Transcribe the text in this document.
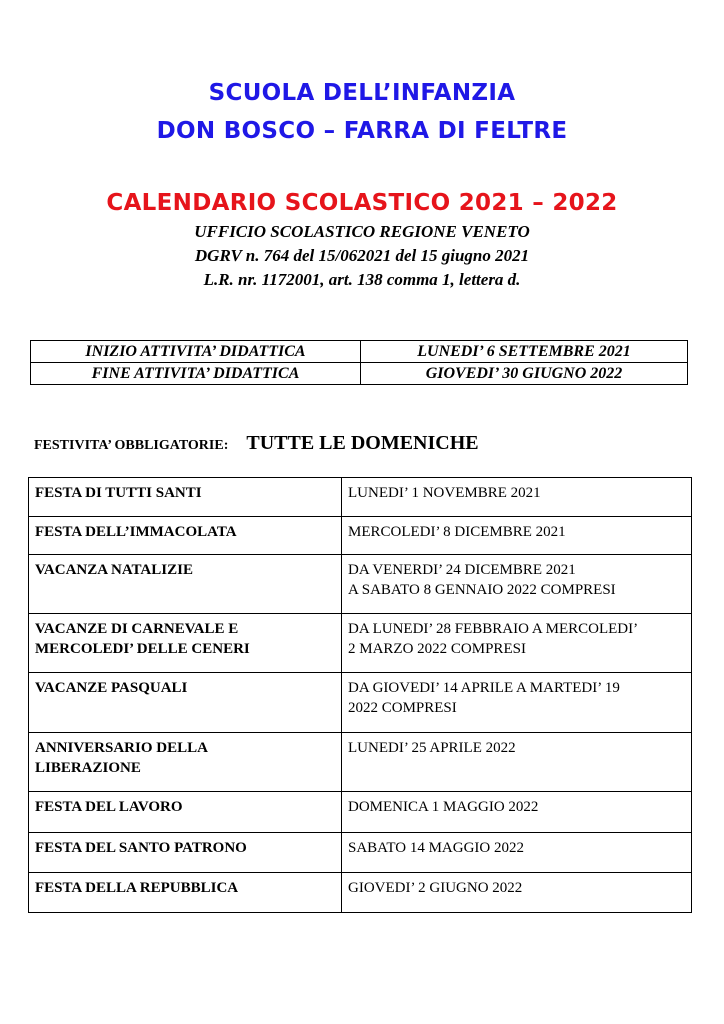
SCUOLA DELL’INFANZIA
DON BOSCO – FARRA DI FELTRE
CALENDARIO SCOLASTICO 2021 – 2022
UFFICIO SCOLASTICO REGIONE VENETO
DGRV n. 764 del 15/062021 del 15 giugno 2021
L.R. nr. 1172001, art. 138 comma 1, lettera d.
INIZIO ATTIVITA’ DIDATTICA	LUNEDI’ 6 SETTEMBRE 2021
FINE ATTIVITA’ DIDATTICA	GIOVEDI’ 30 GIUGNO 2022
FESTIVITA’ OBBLIGATORIE: TUTTE LE DOMENICHE
FESTA DI TUTTI SANTI	LUNEDI’ 1 NOVEMBRE 2021
FESTA DELL’IMMACOLATA	MERCOLEDI’ 8 DICEMBRE 2021
VACANZA NATALIZIE	DA VENERDI’ 24 DICEMBRE 2021
A SABATO 8 GENNAIO 2022 COMPRESI
VACANZE DI CARNEVALE E
MERCOLEDI’ DELLE CENERI	DA LUNEDI’ 28 FEBBRAIO A MERCOLEDI’
2 MARZO 2022 COMPRESI
VACANZE PASQUALI	DA GIOVEDI’ 14 APRILE A MARTEDI’ 19
2022 COMPRESI
ANNIVERSARIO DELLA
LIBERAZIONE	LUNEDI’ 25 APRILE 2022
FESTA DEL LAVORO	DOMENICA 1 MAGGIO 2022
FESTA DEL SANTO PATRONO	SABATO 14 MAGGIO 2022
FESTA DELLA REPUBBLICA	GIOVEDI’ 2 GIUGNO 2022
